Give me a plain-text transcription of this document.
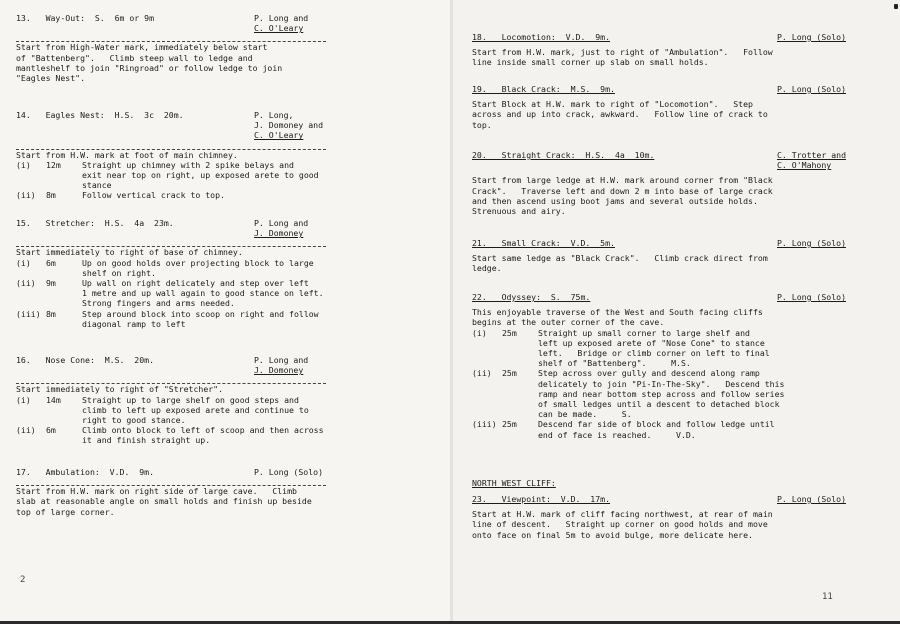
13.   Way-Out:  S.  6m or 9m	P. Long and
C. O'Leary
Start from High-Water mark, immediately below start
of "Battenberg".   Climb steep wall to ledge and
mantleshelf to join "Ringroad" or follow ledge to join
"Eagles Nest".
14.   Eagles Nest:  H.S.  3c  20m.	P. Long,
J. Domoney and
C. O'Leary
Start from H.W. mark at foot of main chimney.
(i)	12m	Straight up chimney with 2 spike belays and
exit near top on right, up exposed arete to good
stance
(ii)	8m	Follow vertical crack to top.
15.   Stretcher:  H.S.  4a  23m.	P. Long and
J. Domoney
Start immediately to right of base of chimney.
(i)	6m	Up on good holds over projecting block to large
shelf on right.
(ii)	9m	Up wall on right delicately and step over left
1 metre and up wall again to good stance on left.
Strong fingers and arms needed.
(iii) 8m	Step around block into scoop on right and follow
diagonal ramp to left
16.   Nose Cone:  M.S.  20m.	P. Long and
J. Domoney
Start immediately to right of "Stretcher".
(i)	14m	Straight up to large shelf on good steps and
climb to left up exposed arete and continue to
right to good stance.
(ii)	6m	Climb onto block to left of scoop and then across
it and finish straight up.
17.   Ambulation:  V.D.  9m.	P. Long (Solo)
Start from H.W. mark on right side of large cave.   Climb
slab at reasonable angle on small holds and finish up beside
top of large corner.
18.   Locomotion:  V.D.  9m.	P. Long (Solo)
Start from H.W. mark, just to right of "Ambulation".   Follow
line inside small corner up slab on small holds.
19.   Black Crack:  M.S.  9m.	P. Long (Solo)
Start Block at H.W. mark to right of "Locomotion".   Step
across and up into crack, awkward.   Follow line of crack to
top.
20.   Straight Crack:  H.S.  4a  10m.	C. Trotter and
C. O'Mahony
Start from large ledge at H.W. mark around corner from "Black
Crack".   Traverse left and down 2 m into base of large crack
and then ascend using boot jams and several outside holds.
Strenuous and airy.
21.   Small Crack:  V.D.  5m.	P. Long (Solo)
Start same ledge as "Black Crack".   Climb crack direct from
ledge.
22.   Odyssey:  S.  75m.	P. Long (Solo)
This enjoyable traverse of the West and South facing cliffs
begins at the outer corner of the cave.
(i)	25m	Straight up small corner to large shelf and
left up exposed arete of "Nose Cone" to stance
left.   Bridge or climb corner on left to final
shelf of "Battenberg".     M.S.
(ii)	25m	Step across over gully and descend along ramp
delicately to join "Pi-In-The-Sky".   Descend this
ramp and near bottom step across and follow series
of small ledges until a descent to detached block
can be made.     S.
(iii) 25m	Descend far side of block and follow ledge until
end of face is reached.     V.D.
NORTH WEST CLIFF:
23.   Viewpoint:  V.D.  17m.	P. Long (Solo)
Start at H.W. mark of cliff facing northwest, at rear of main
line of descent.   Straight up corner on good holds and move
onto face on final 5m to avoid bulge, more delicate here.
2
11
